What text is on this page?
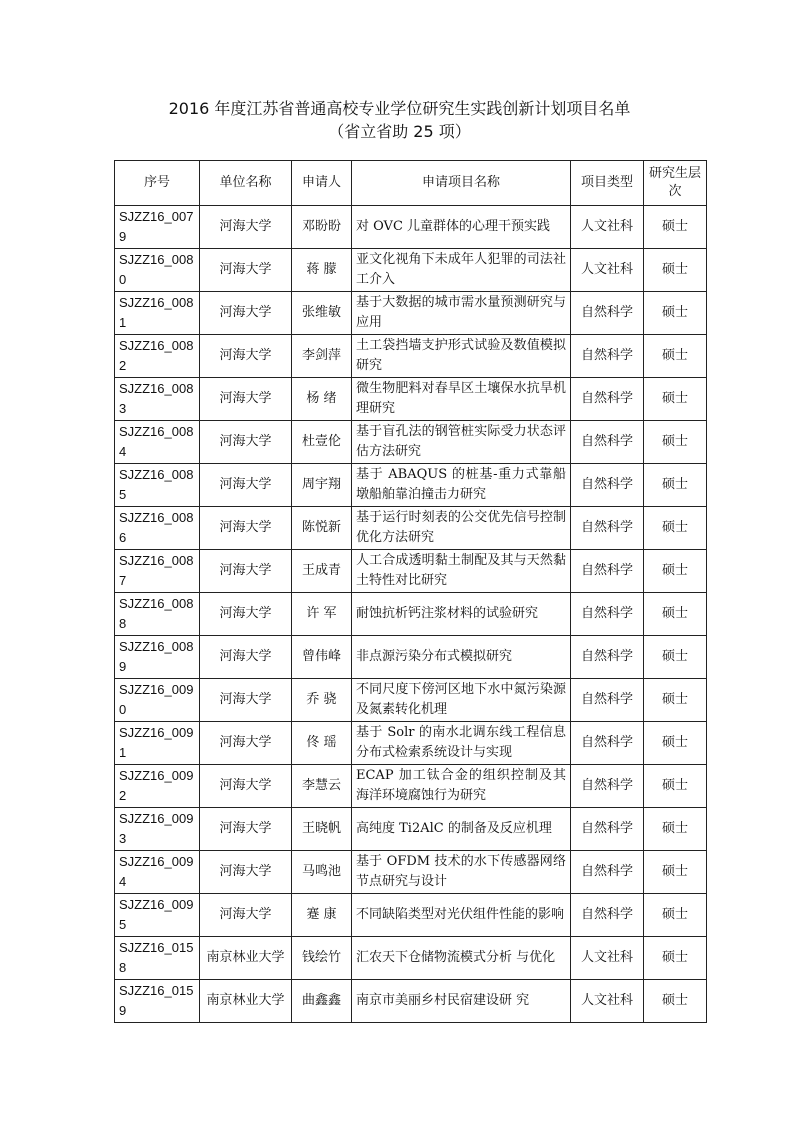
2016 年度江苏省普通高校专业学位研究生实践创新计划项目名单
（省立省助 25 项）
序号	单位名称	申请人	申请项目名称	项目类型	研究生层次
SJZZ16_0079	河海大学	邓盼盼	对 OVC 儿童群体的心理干预实践	人文社科	硕士
SJZZ16_0080	河海大学	蒋 朦	亚文化视角下未成年人犯罪的司法社工介入	人文社科	硕士
SJZZ16_0081	河海大学	张维敏	基于大数据的城市需水量预测研究与应用	自然科学	硕士
SJZZ16_0082	河海大学	李剑萍	土工袋挡墙支护形式试验及数值模拟研究	自然科学	硕士
SJZZ16_0083	河海大学	杨 绪	微生物肥料对春旱区土壤保水抗旱机理研究	自然科学	硕士
SJZZ16_0084	河海大学	杜壹伦	基于盲孔法的钢管桩实际受力状态评估方法研究	自然科学	硕士
SJZZ16_0085	河海大学	周宇翔	基于 ABAQUS 的桩基-重力式靠船墩船舶靠泊撞击力研究	自然科学	硕士
SJZZ16_0086	河海大学	陈悦新	基于运行时刻表的公交优先信号控制优化方法研究	自然科学	硕士
SJZZ16_0087	河海大学	王成青	人工合成透明黏土制配及其与天然黏土特性对比研究	自然科学	硕士
SJZZ16_0088	河海大学	许 军	耐蚀抗析钙注浆材料的试验研究	自然科学	硕士
SJZZ16_0089	河海大学	曾伟峰	非点源污染分布式模拟研究	自然科学	硕士
SJZZ16_0090	河海大学	乔 骁	不同尺度下傍河区地下水中氮污染源及氮素转化机理	自然科学	硕士
SJZZ16_0091	河海大学	佟 瑶	基于 Solr 的南水北调东线工程信息分布式检索系统设计与实现	自然科学	硕士
SJZZ16_0092	河海大学	李慧云	ECAP 加工钛合金的组织控制及其海洋环境腐蚀行为研究	自然科学	硕士
SJZZ16_0093	河海大学	王晓帆	高纯度 Ti2AlC 的制备及反应机理	自然科学	硕士
SJZZ16_0094	河海大学	马鸣池	基于 OFDM 技术的水下传感器网络节点研究与设计	自然科学	硕士
SJZZ16_0095	河海大学	蹇 康	不同缺陷类型对光伏组件性能的影响	自然科学	硕士
SJZZ16_0158	南京林业大学	钱绘竹	汇农天下仓储物流模式分析 与优化	人文社科	硕士
SJZZ16_0159	南京林业大学	曲鑫鑫	南京市美丽乡村民宿建设研 究	人文社科	硕士
